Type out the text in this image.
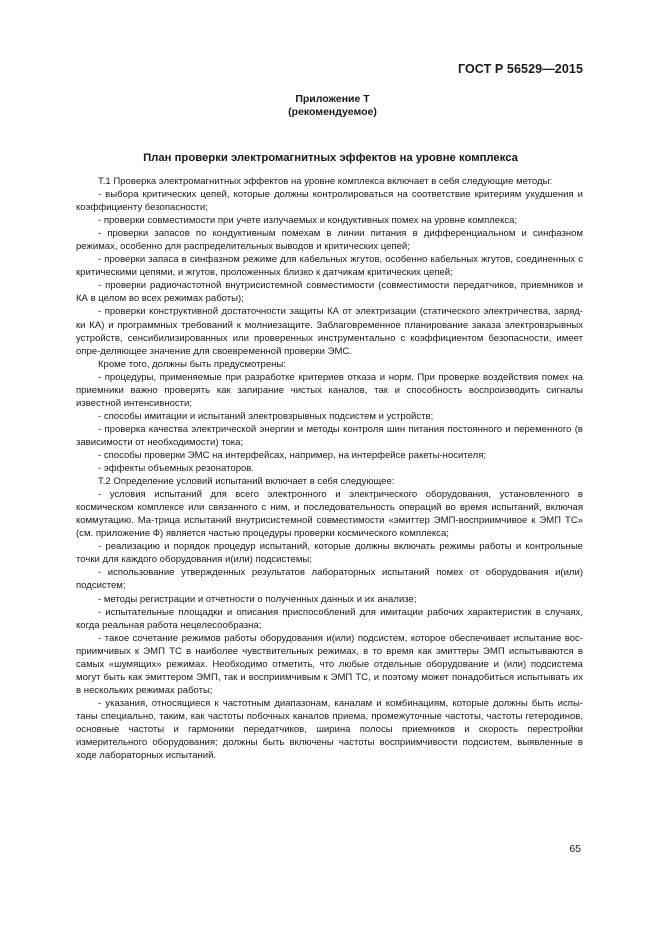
ГОСТ Р 56529—2015
Приложение Т
(рекомендуемое)
План проверки электромагнитных эффектов на уровне комплекса

Т.1 Проверка электромагнитных эффектов на уровне комплекса включает в себя следующие методы:

- выбора критических цепей, которые должны контролироваться на соответствие критериям ухудшения и коэффициенту безопасности;

- проверки совместимости при учете излучаемых и кондуктивных помех на уровне комплекса;

- проверки запасов по кондуктивным помехам в линии питания в дифференциальном и синфазном режимах, особенно для распределительных выводов и критических цепей;

- проверки запаса в синфазном режиме для кабельных жгутов, особенно кабельных жгутов, соединенных с критическими цепями, и жгутов, проложенных близко к датчикам критических цепей;

- проверки радиочастотной внутрисистемной совместимости (совместимости передатчиков, приемников и КА в целом во всех режимах работы);

- проверки конструктивной достаточности защиты КА от электризации (статического электричества, заряд-ки КА) и программных требований к молниезащите. Заблаговременное планирование заказа электровзрывных устройств, сенсибилизированных или проверенных инструментально с коэффициентом безопасности, имеет опре-деляющее значение для своевременной проверки ЭМС.

Кроме того, должны быть предусмотрены:

- процедуры, применяемые при разработке критериев отказа и норм. При проверке воздействия помех на приемники важно проверять как запирание чистых каналов, так и способность воспроизводить сигналы известной интенсивности;

- способы имитации и испытаний электровзрывных подсистем и устройств;

- проверка качества электрической энергии и методы контроля шин питания постоянного и переменного (в зависимости от необходимости) тока;

- способы проверки ЭМС на интерфейсах, например, на интерфейсе ракеты-носителя;

- эффекты объемных резонаторов.

Т.2 Определение условий испытаний включает в себя следующее:

- условия испытаний для всего электронного и электрического оборудования, установленного в космическом комплексе или связанного с ним, и последовательность операций во время испытаний, включая коммутацию. Ма-трица испытаний внутрисистемной совместимости «эмиттер ЭМП-восприимчивое к ЭМП ТС» (см. приложение Ф) является частью процедуры проверки космического комплекса;

- реализацию и порядок процедур испытаний, которые должны включать режимы работы и контрольные точки для каждого оборудования и(или) подсистемы;

- использование утвержденных результатов лабораторных испытаний помех от оборудования и(или) подсистем;

- методы регистрации и отчетности о полученных данных и их анализе;

- испытательные площадки и описания приспособлений для имитации рабочих характеристик в случаях, когда реальная работа нецелесообразна;

- такое сочетание режимов работы оборудования и(или) подсистем, которое обеспечивает испытание вос-приимчивых к ЭМП ТС в наиболее чувствительных режимах, в то время как эмиттеры ЭМП испытываются в самых «шумящих» режимах. Необходимо отметить, что любые отдельные оборудование и (или) подсистема могут быть как эмиттером ЭМП, так и восприимчивым к ЭМП ТС, и поэтому может понадобиться испытывать их в нескольких режимах работы;

- указания, относящиеся к частотным диапазонам, каналам и комбинациям, которые должны быть испы-таны специально, таким, как частоты побочных каналов приема, промежуточные частоты, частоты гетеродинов, основные частоты и гармоники передатчиков, ширина полосы приемников и скорость перестройки измерительного оборудования; должны быть включены частоты восприимчивости подсистем, выявленные в ходе лабораторных испытаний.

65
